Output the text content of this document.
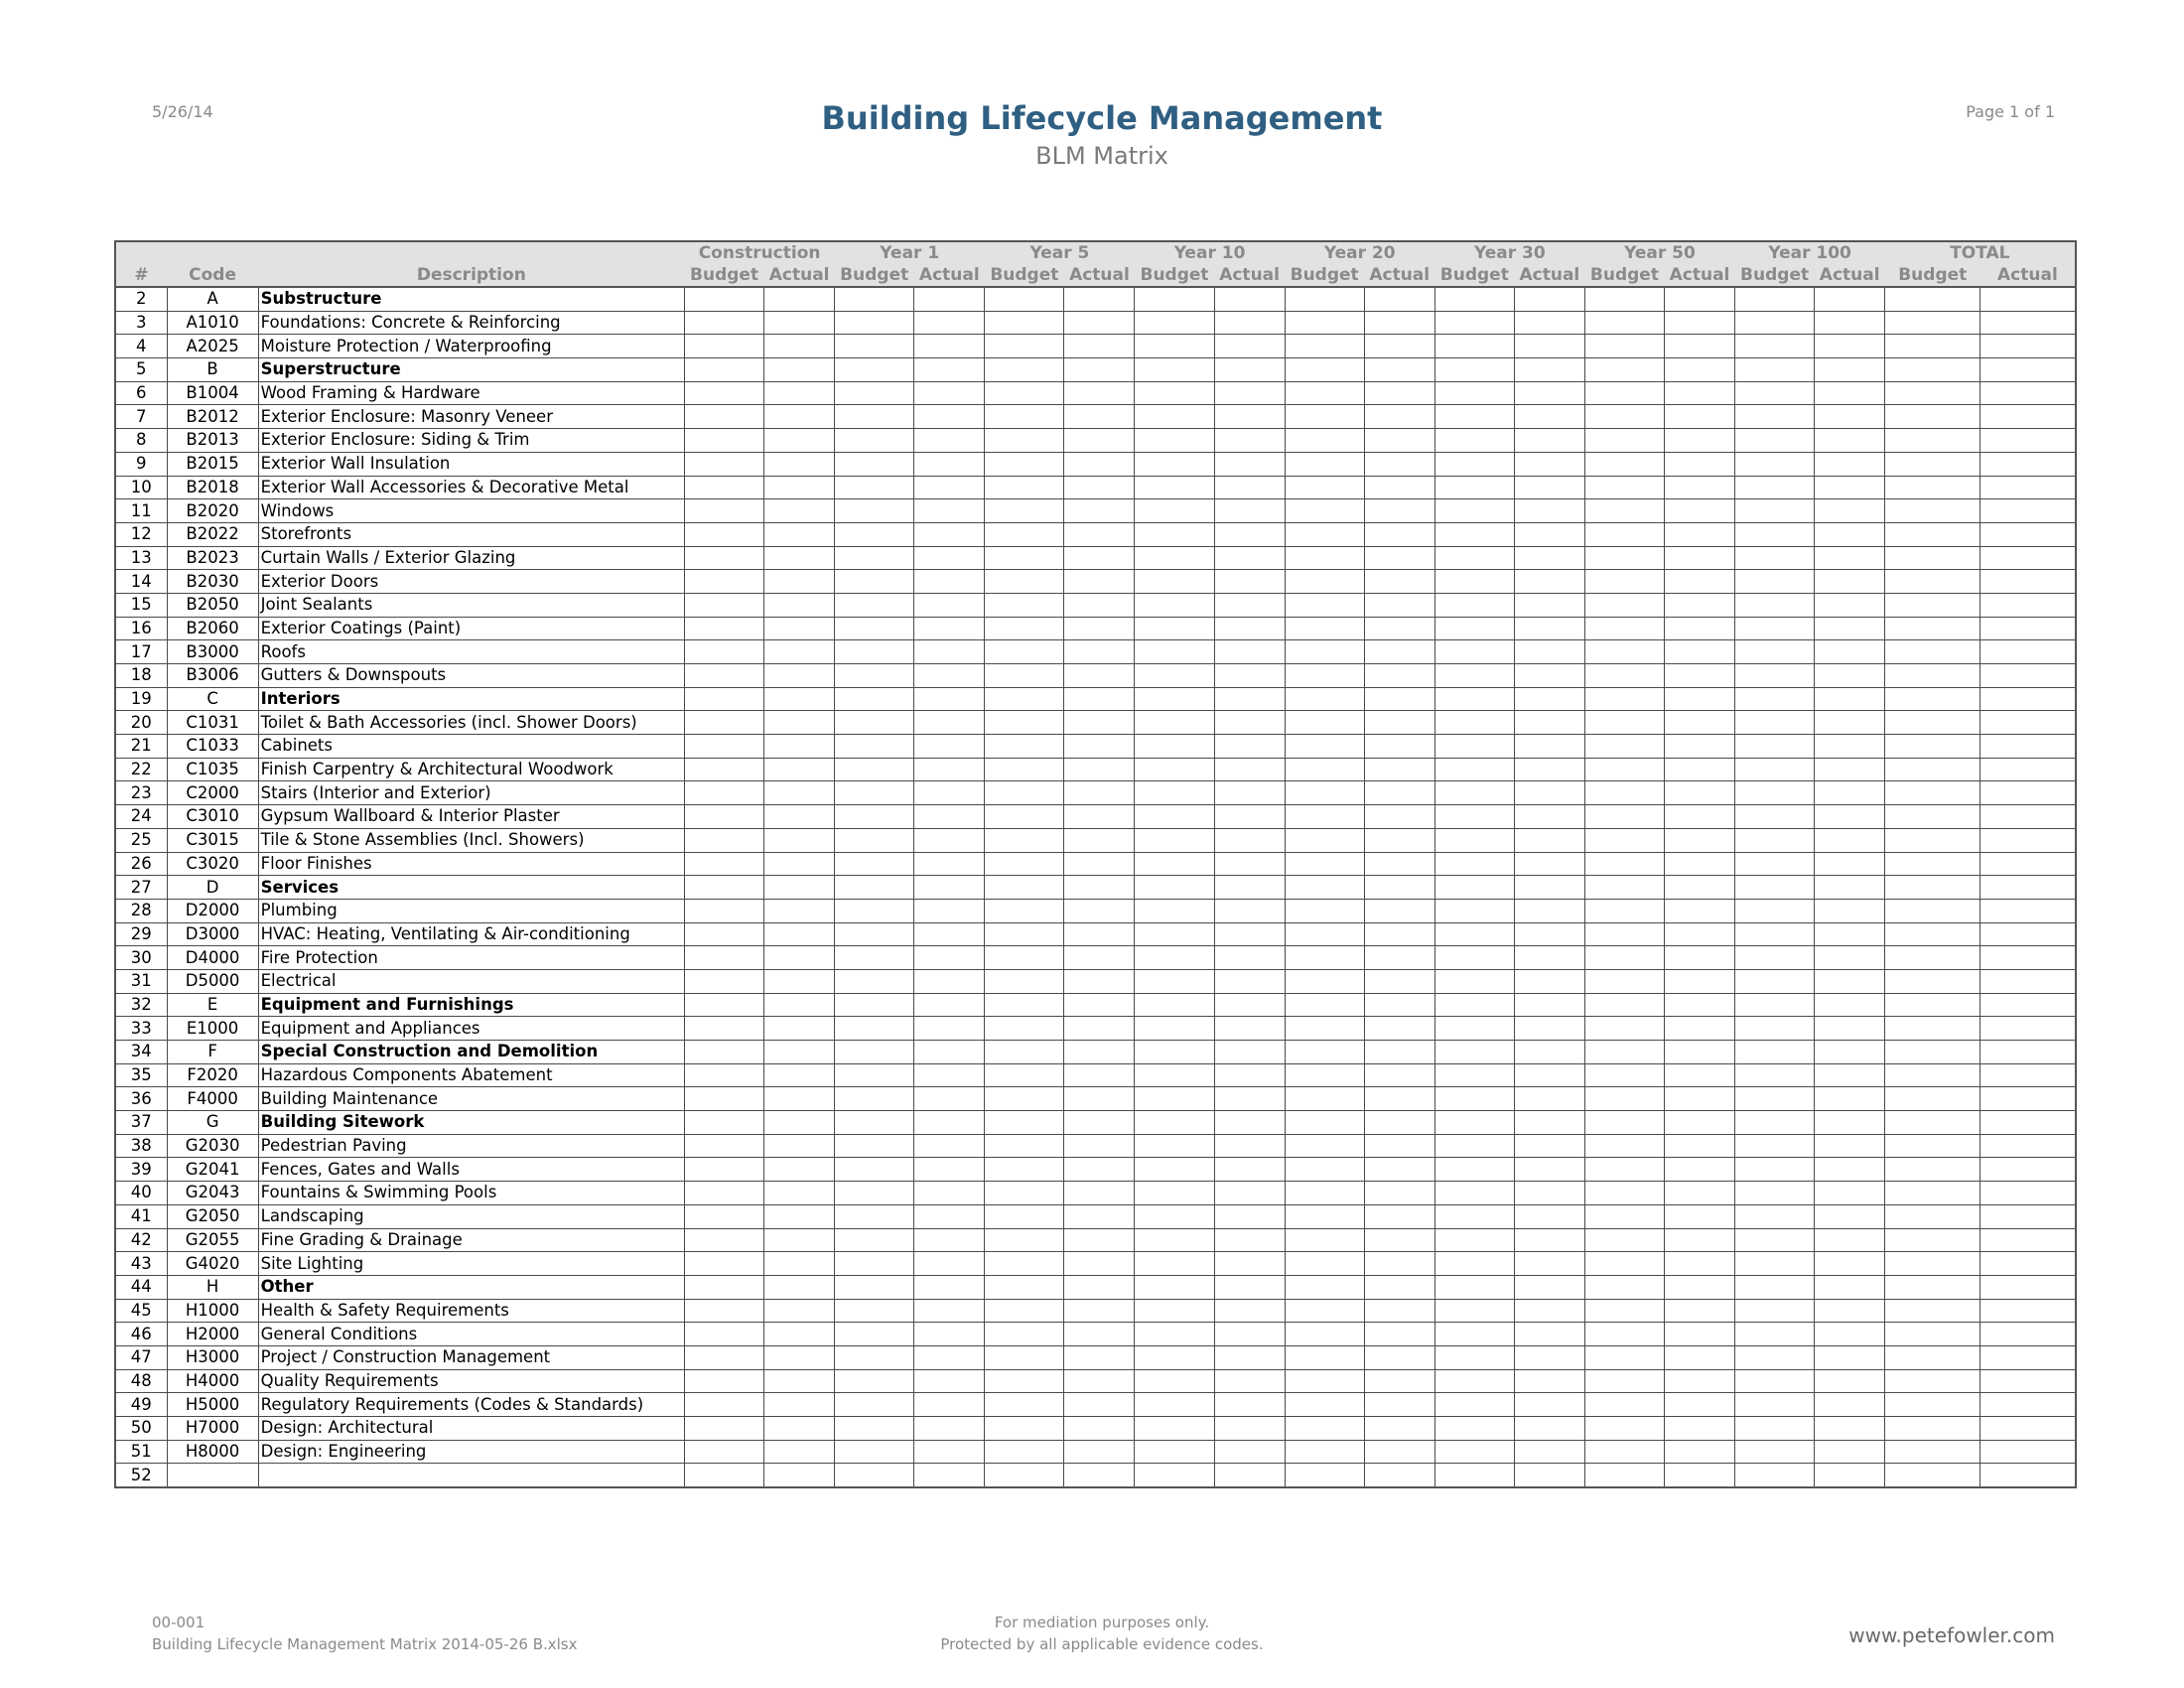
5/26/14	Building Lifecycle Management
BLM Matrix
Page 1 of 1
			Construction		Year 1		Year 5		Year 10		Year 20		Year 30		Year 50		Year 100		TOTAL	
#	Code	Description	Budget	Actual	Budget	Actual	Budget	Actual	Budget	Actual	Budget	Actual	Budget	Actual	Budget	Actual	Budget	Actual	Budget	Actual
2	A	Substructure																		
3	A1010	Foundations: Concrete & Reinforcing																		
4	A2025	Moisture Protection / Waterproofing																		
5	B	Superstructure																		
6	B1004	Wood Framing & Hardware																		
7	B2012	Exterior Enclosure: Masonry Veneer																		
8	B2013	Exterior Enclosure: Siding & Trim																		
9	B2015	Exterior Wall Insulation																		
10	B2018	Exterior Wall Accessories & Decorative Metal																		
11	B2020	Windows																		
12	B2022	Storefronts																		
13	B2023	Curtain Walls / Exterior Glazing																		
14	B2030	Exterior Doors																		
15	B2050	Joint Sealants																		
16	B2060	Exterior Coatings (Paint)																		
17	B3000	Roofs																		
18	B3006	Gutters & Downspouts																		
19	C	Interiors																		
20	C1031	Toilet & Bath Accessories (incl. Shower Doors)																		
21	C1033	Cabinets																		
22	C1035	Finish Carpentry & Architectural Woodwork																		
23	C2000	Stairs (Interior and Exterior)																		
24	C3010	Gypsum Wallboard & Interior Plaster																		
25	C3015	Tile & Stone Assemblies (Incl. Showers)																		
26	C3020	Floor Finishes																		
27	D	Services																		
28	D2000	Plumbing																		
29	D3000	HVAC: Heating, Ventilating & Air-conditioning																		
30	D4000	Fire Protection																		
31	D5000	Electrical																		
32	E	Equipment and Furnishings																		
33	E1000	Equipment and Appliances																		
34	F	Special Construction and Demolition																		
35	F2020	Hazardous Components Abatement																		
36	F4000	Building Maintenance																		
37	G	Building Sitework																		
38	G2030	Pedestrian Paving																		
39	G2041	Fences, Gates and Walls																		
40	G2043	Fountains & Swimming Pools																		
41	G2050	Landscaping																		
42	G2055	Fine Grading & Drainage																		
43	G4020	Site Lighting																		
44	H	Other																		
45	H1000	Health & Safety Requirements																		
46	H2000	General Conditions																		
47	H3000	Project / Construction Management																		
48	H4000	Quality Requirements																		
49	H5000	Regulatory Requirements (Codes & Standards)																		
50	H7000	Design: Architectural																		
51	H8000	Design: Engineering																		
52																				
00-001
Building Lifecycle Management Matrix 2014-05-26 B.xlsx
For mediation purposes only.
Protected by all applicable evidence codes.	www.petefowler.com
